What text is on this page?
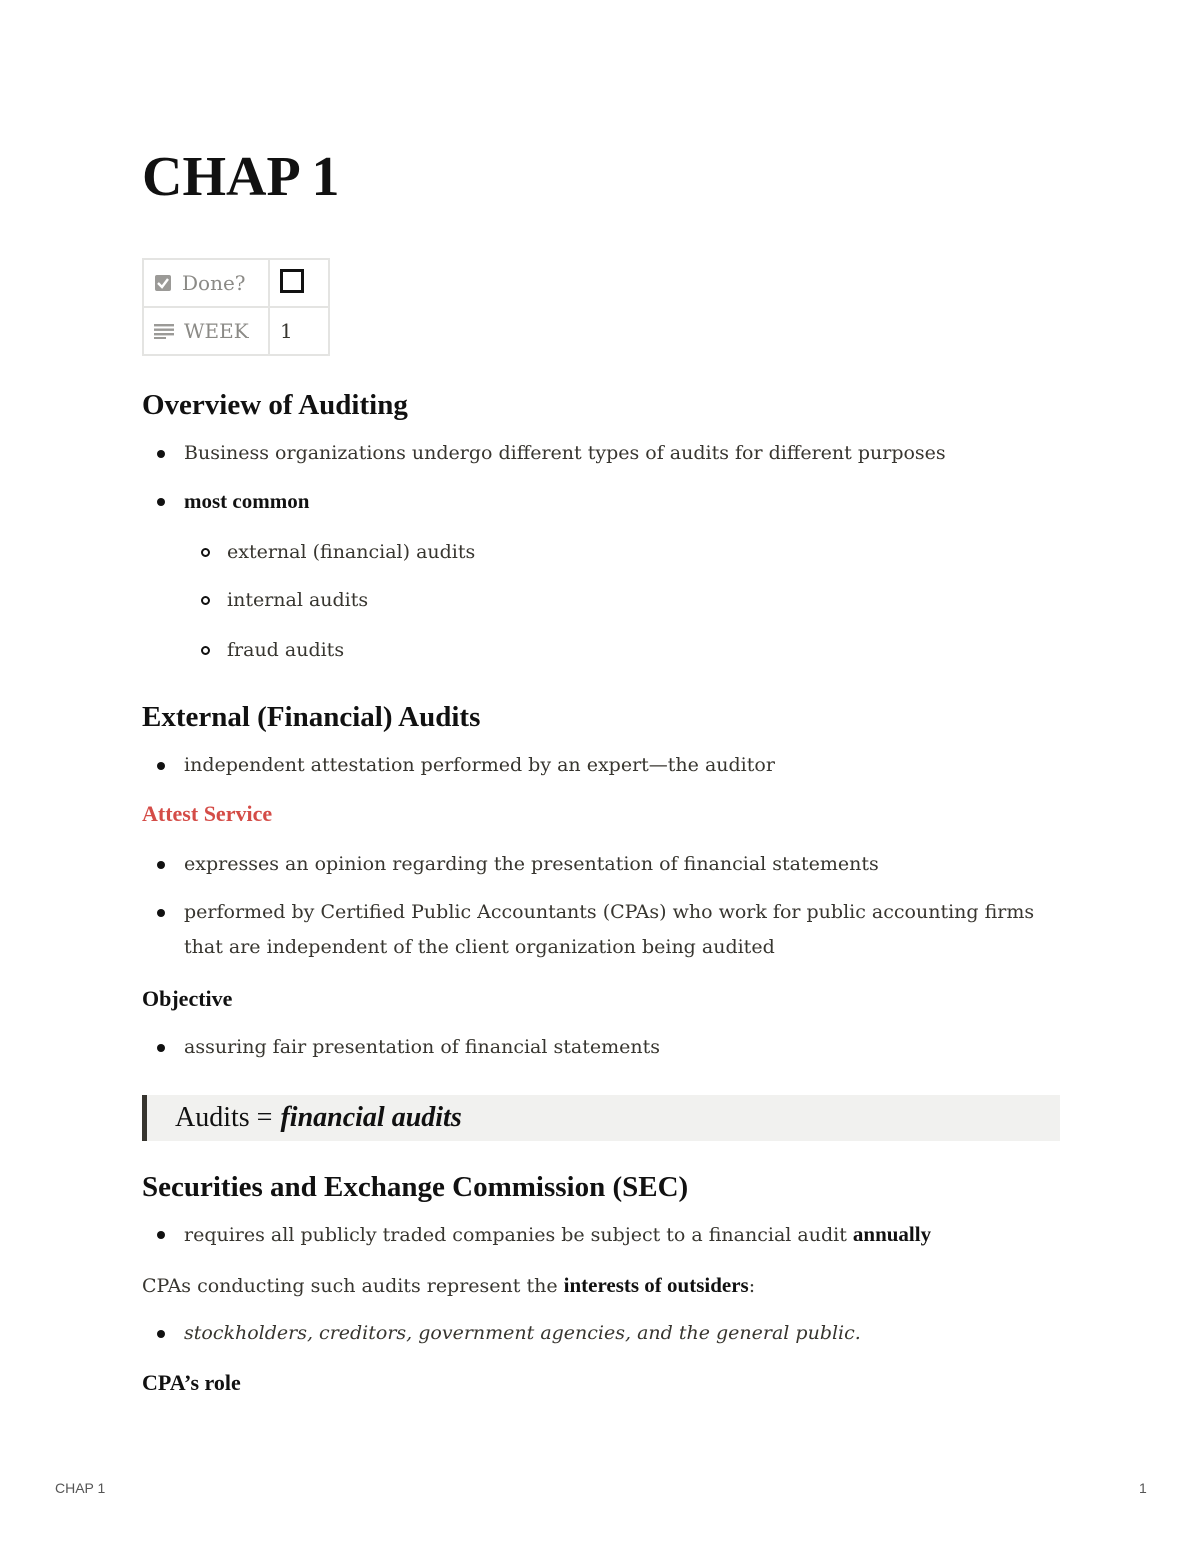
CHAP 1
Done?	

WEEK	1
Overview of Auditing
Business organizations undergo different types of audits for different purposes
most common
external (financial) audits
internal audits
fraud audits
External (Financial) Audits
independent attestation performed by an expert—the auditor
Attest Service
expresses an opinion regarding the presentation of financial statements
performed by Certified Public Accountants (CPAs) who work for public accounting firms
that are independent of the client organization being audited
Objective
assuring fair presentation of financial statements
Audits = financial audits
Securities and Exchange Commission (SEC)
requires all publicly traded companies be subject to a financial audit annually

CPAs conducting such audits represent the interests of outsiders:

stockholders, creditors, government agencies, and the general public.
CPA’s role
CHAP 1	1
